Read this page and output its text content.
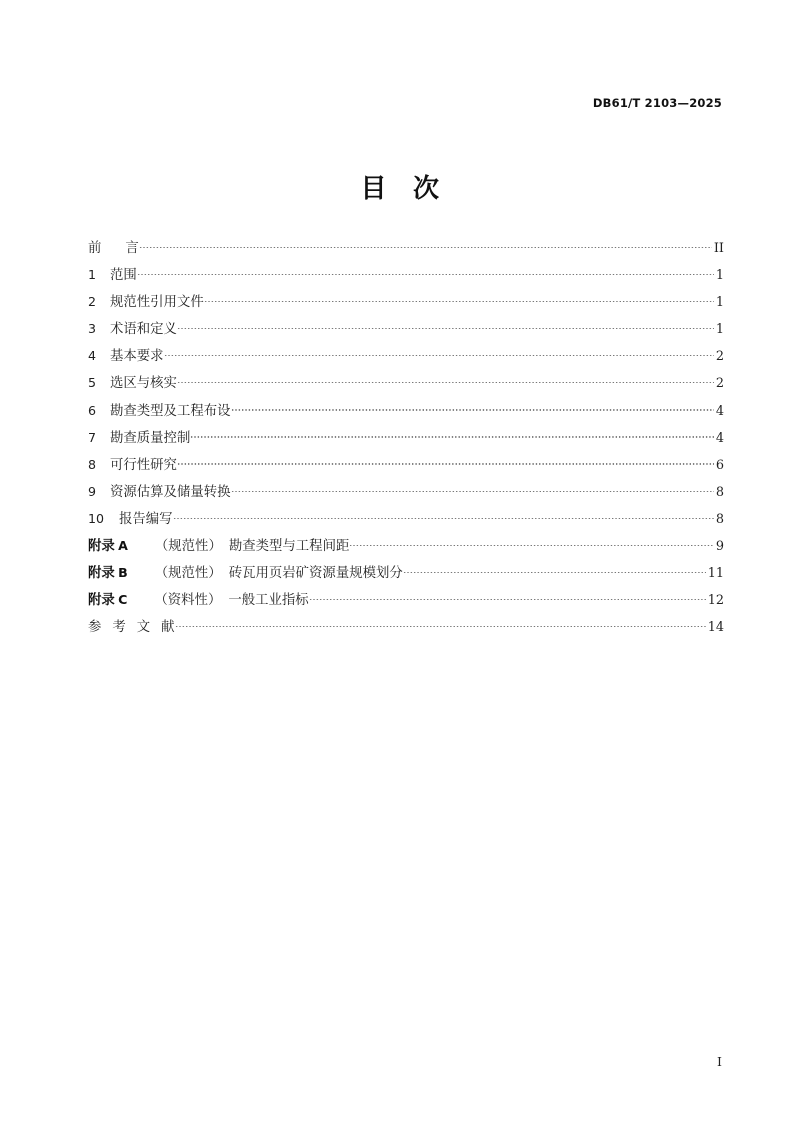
DB61/T 2103—2025
目 次
前 言	II
1	范围	1
2	规范性引用文件	1
3	术语和定义	1
4	基本要求	2
5	选区与核实	2
6	勘查类型及工程布设	4
7	勘查质量控制	4
8	可行性研究	6
9	资源估算及储量转换	8
10 报告编写	8
附录 A （规范性） 勘查类型与工程间距	9
附录 B （规范性） 砖瓦用页岩矿资源量规模划分	11
附录 C （资料性） 一般工业指标	12
参 考 文 献	14
I
